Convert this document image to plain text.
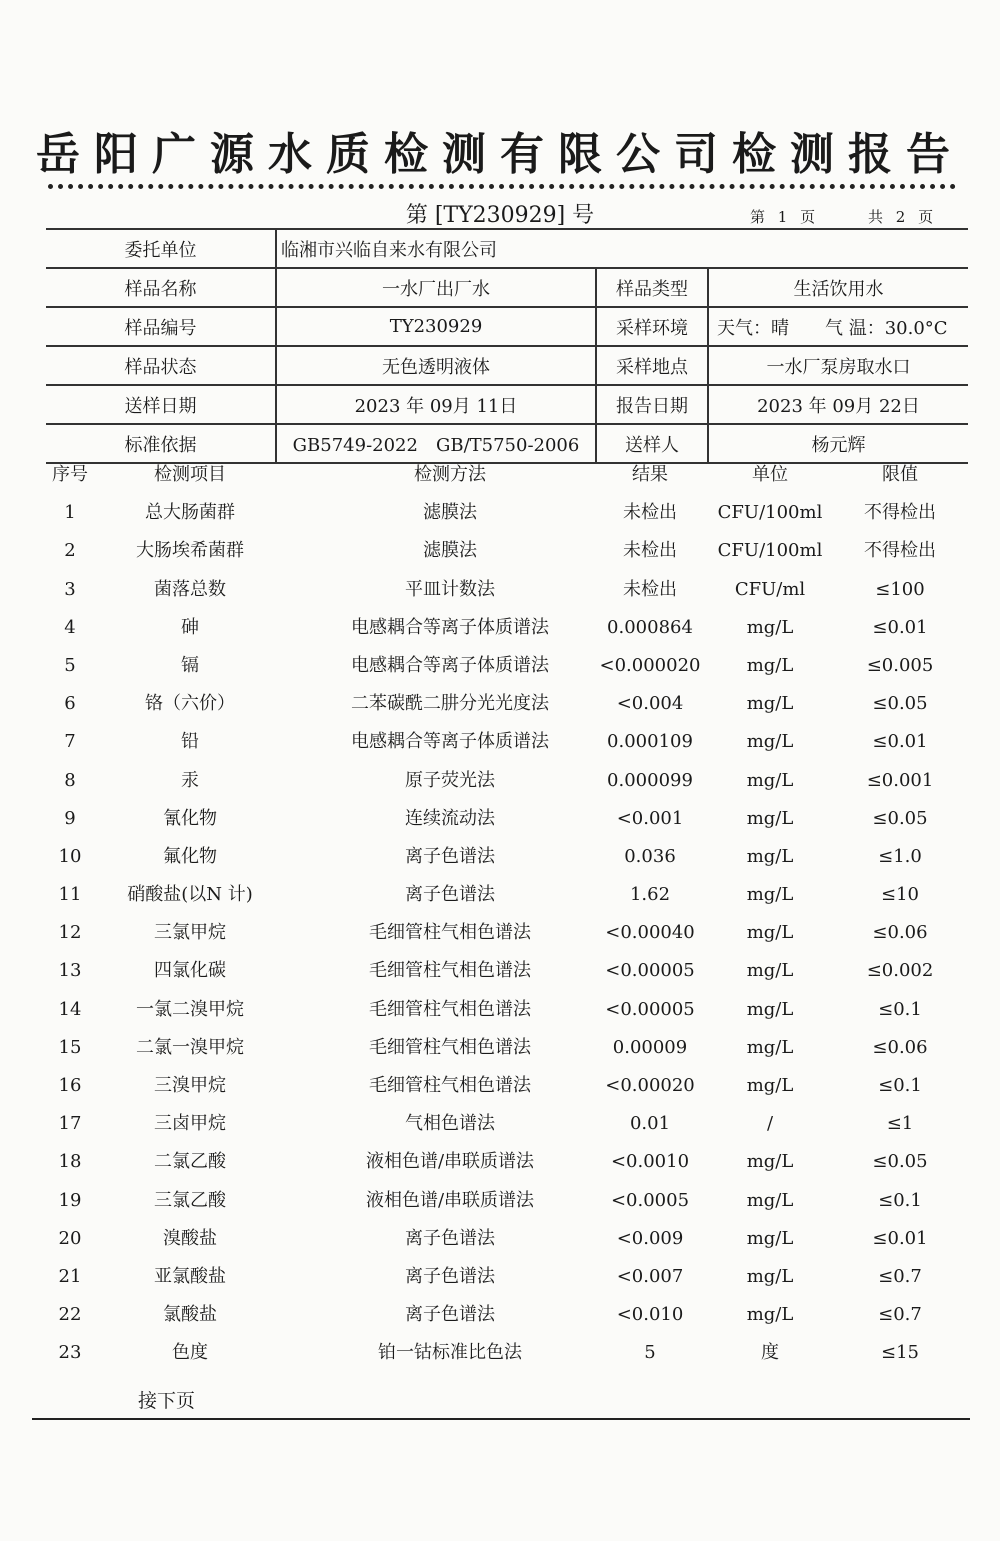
岳阳广源水质检测有限公司检测报告
第 [TY230929] 号	第 1 页	共 2 页
委托单位	临湘市兴临自来水有限公司		
样品名称	一水厂出厂水	样品类型	生活饮用水
样品编号	TY230929	采样环境	天气：晴　　气 温：30.0°C
样品状态	无色透明液体	采样地点	一水厂泵房取水口
送样日期	2023 年 09月 11日	报告日期	2023 年 09月 22日
标准依据	GB5749-2022　GB/T5750-2006	送样人	杨元辉
序号	检测项目	检测方法	结果	单位	限值
1	总大肠菌群	滤膜法	未检出	CFU/100ml	不得检出
2	大肠埃希菌群	滤膜法	未检出	CFU/100ml	不得检出
3	菌落总数	平皿计数法	未检出	CFU/ml	≤100
4	砷	电感耦合等离子体质谱法	0.000864	mg/L	≤0.01
5	镉	电感耦合等离子体质谱法	<0.000020	mg/L	≤0.005
6	铬（六价）	二苯碳酰二肼分光光度法	<0.004	mg/L	≤0.05
7	铅	电感耦合等离子体质谱法	0.000109	mg/L	≤0.01
8	汞	原子荧光法	0.000099	mg/L	≤0.001
9	氰化物	连续流动法	<0.001	mg/L	≤0.05
10	氟化物	离子色谱法	0.036	mg/L	≤1.0
11	硝酸盐(以N 计)	离子色谱法	1.62	mg/L	≤10
12	三氯甲烷	毛细管柱气相色谱法	<0.00040	mg/L	≤0.06
13	四氯化碳	毛细管柱气相色谱法	<0.00005	mg/L	≤0.002
14	一氯二溴甲烷	毛细管柱气相色谱法	<0.00005	mg/L	≤0.1
15	二氯一溴甲烷	毛细管柱气相色谱法	0.00009	mg/L	≤0.06
16	三溴甲烷	毛细管柱气相色谱法	<0.00020	mg/L	≤0.1
17	三卤甲烷	气相色谱法	0.01	/	≤1
18	二氯乙酸	液相色谱/串联质谱法	<0.0010	mg/L	≤0.05
19	三氯乙酸	液相色谱/串联质谱法	<0.0005	mg/L	≤0.1
20	溴酸盐	离子色谱法	<0.009	mg/L	≤0.01
21	亚氯酸盐	离子色谱法	<0.007	mg/L	≤0.7
22	氯酸盐	离子色谱法	<0.010	mg/L	≤0.7
23	色度	铂一钴标准比色法	5	度	≤15
接下页
